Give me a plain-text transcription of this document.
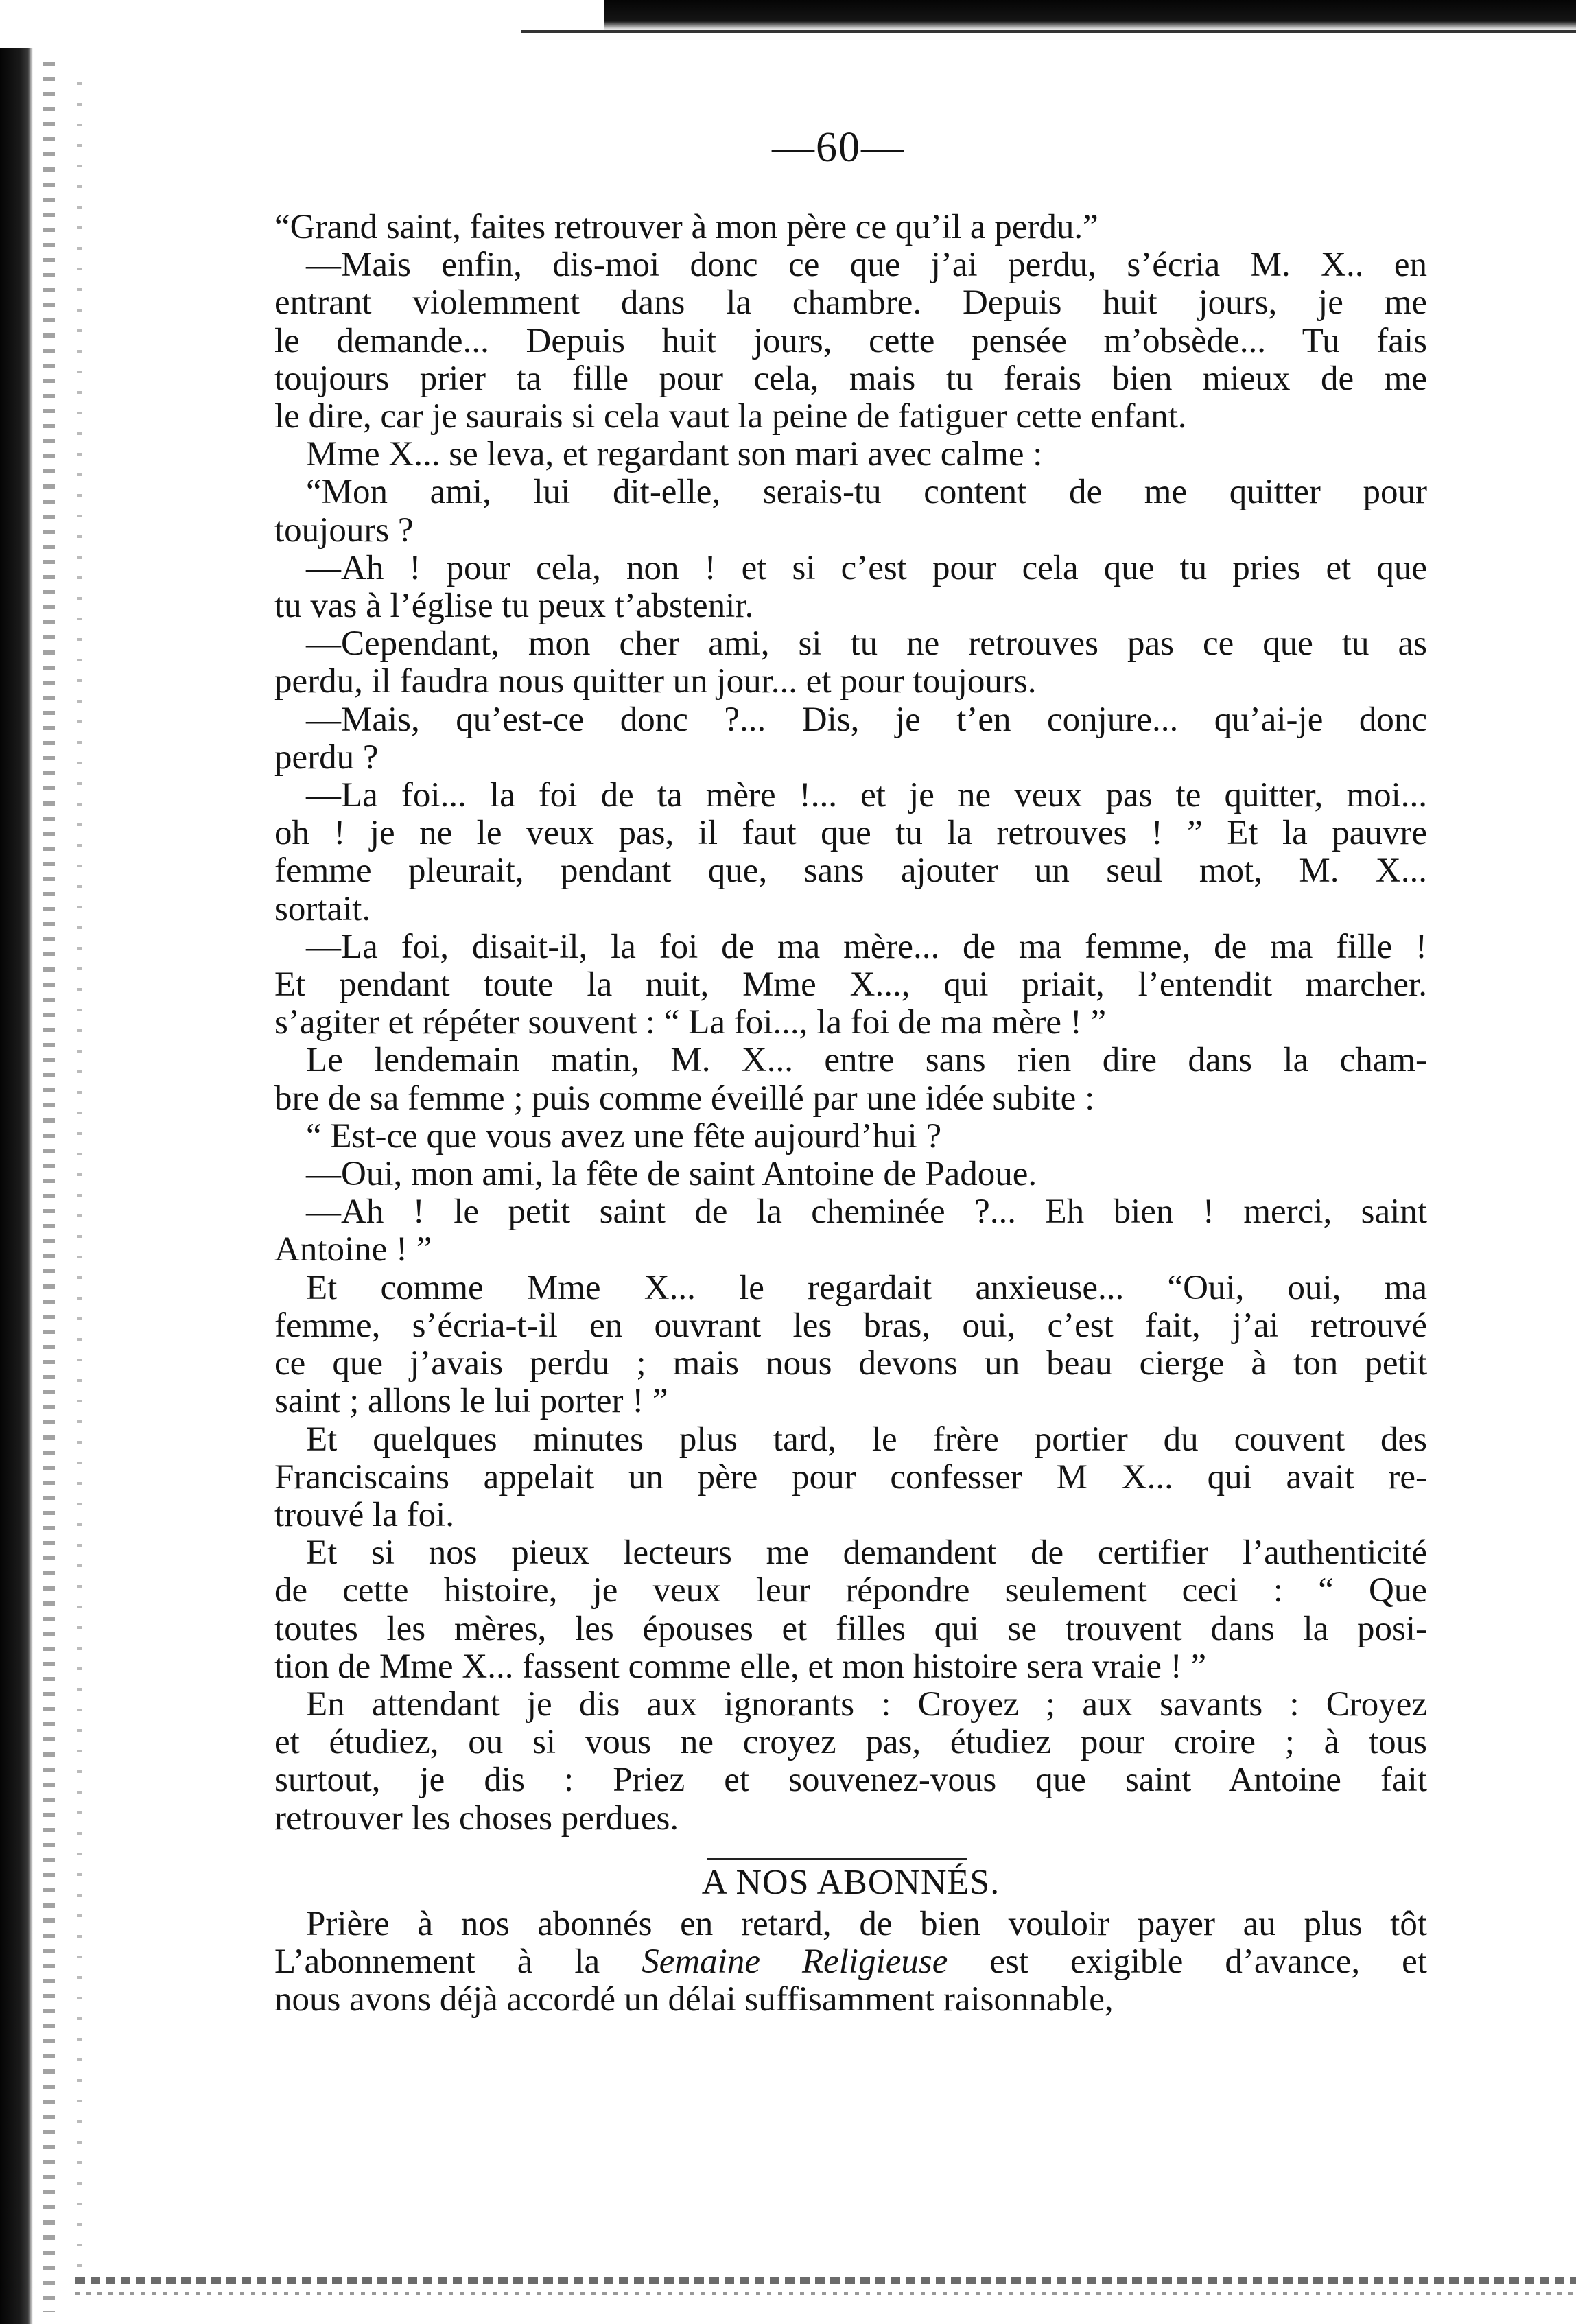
—60—
“Grand saint, faites retrouver à mon père ce qu’il a perdu.”
—Mais enfin, dis-moi donc ce que j’ai perdu, s’écria M. X.. en
entrant violemment dans la chambre. Depuis huit jours, je me
le demande... Depuis huit jours, cette pensée m’obsède... Tu fais
toujours prier ta fille pour cela, mais tu ferais bien mieux de me
le dire, car je saurais si cela vaut la peine de fatiguer cette enfant.
Mme X... se leva, et regardant son mari avec calme :
“Mon ami, lui dit-elle, serais-tu content de me quitter pour
toujours ?
—Ah ! pour cela, non ! et si c’est pour cela que tu pries et que
tu vas à l’église tu peux t’abstenir.
—Cependant, mon cher ami, si tu ne retrouves pas ce que tu as
perdu, il faudra nous quitter un jour... et pour toujours.
—Mais, qu’est-ce donc ?... Dis, je t’en conjure... qu’ai-je donc
perdu ?
—La foi... la foi de ta mère !... et je ne veux pas te quitter, moi...
oh ! je ne le veux pas, il faut que tu la retrouves ! ” Et la pauvre
femme pleurait, pendant que, sans ajouter un seul mot, M. X...
sortait.
—La foi, disait-il, la foi de ma mère... de ma femme, de ma fille !
Et pendant toute la nuit, Mme X..., qui priait, l’entendit marcher.
s’agiter et répéter souvent : “ La foi..., la foi de ma mère ! ”
Le lendemain matin, M. X... entre sans rien dire dans la cham-
bre de sa femme ; puis comme éveillé par une idée subite :
“ Est-ce que vous avez une fête aujourd’hui ?
—Oui, mon ami, la fête de saint Antoine de Padoue.
—Ah ! le petit saint de la cheminée ?... Eh bien ! merci, saint
Antoine ! ”
Et comme Mme X... le regardait anxieuse... “Oui, oui, ma
femme, s’écria-t-il en ouvrant les bras, oui, c’est fait, j’ai retrouvé
ce que j’avais perdu ; mais nous devons un beau cierge à ton petit
saint ; allons le lui porter ! ”
Et quelques minutes plus tard, le frère portier du couvent des
Franciscains appelait un père pour confesser M X... qui avait re-
trouvé la foi.
Et si nos pieux lecteurs me demandent de certifier l’authenticité
de cette histoire, je veux leur répondre seulement ceci : “ Que
toutes les mères, les épouses et filles qui se trouvent dans la posi-
tion de Mme X... fassent comme elle, et mon histoire sera vraie ! ”
En attendant je dis aux ignorants : Croyez ; aux savants : Croyez
et étudiez, ou si vous ne croyez pas, étudiez pour croire ; à tous
surtout, je dis : Priez et souvenez-vous que saint Antoine fait
retrouver les choses perdues.
A NOS ABONNÉS.
Prière à nos abonnés en retard, de bien vouloir payer au plus tôt
L’abonnement à la Semaine Religieuse est exigible d’avance, et
nous avons déjà accordé un délai suffisamment raisonnable,
